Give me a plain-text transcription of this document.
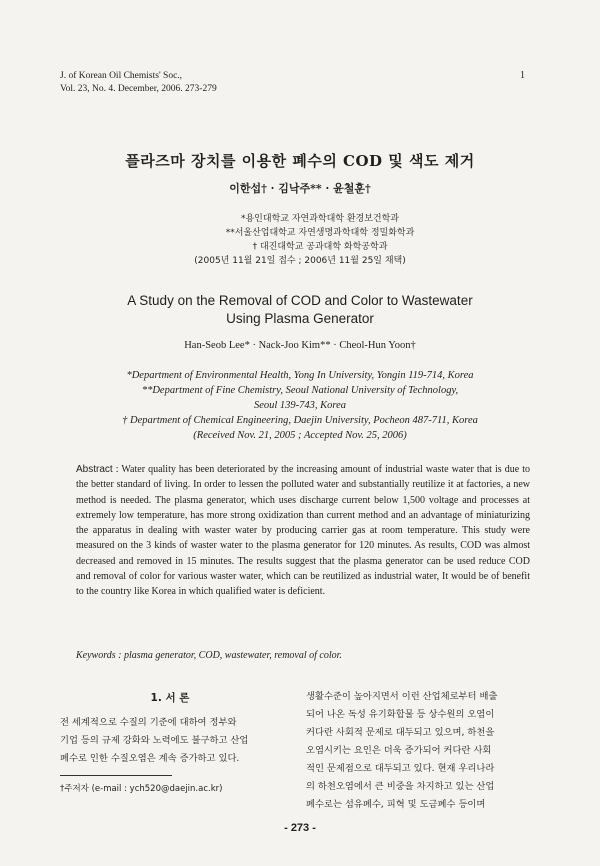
J. of Korean Oil Chemists' Soc.,
Vol. 23, No. 4. December, 2006. 273-279
1
플라즈마 장치를 이용한 폐수의 COD 및 색도 제거
이한섭† · 김낙주** · 윤철훈†
*용인대학교 자연과학대학 환경보건학과
**서울산업대학교 자연생명과학대학 정밀화학과
† 대진대학교 공과대학 화학공학과
(2005년 11월 21일 접수 ; 2006년 11월 25일 채택)
A Study on the Removal of COD and Color to Wastewater
Using Plasma Generator
Han-Seob Lee* · Nack-Joo Kim** · Cheol-Hun Yoon†
*Department of Environmental Health, Yong In University, Yongin 119-714, Korea
**Department of Fine Chemistry, Seoul National University of Technology,
Seoul 139-743, Korea
† Department of Chemical Engineering, Daejin University, Pocheon 487-711, Korea
(Received Nov. 21, 2005 ; Accepted Nov. 25, 2006)
Abstract : Water quality has been deteriorated by the increasing amount of industrial waste water that is due to the better standard of living. In order to lessen the polluted water and substantially reutilize it at factories, a new method is needed. The plasma generator, which uses discharge current below 1,500 voltage and processes at extremely low temperature, has more strong oxidization than current method and an advantage of miniaturizing the apparatus in dealing with waster water by producing carrier gas at room temperature. This study were measured on the 3 kinds of waster water to the plasma generator for 120 minutes. As results, COD was almost decreased and removed in 15 minutes. The results suggest that the plasma generator can be used reduce COD and removal of color for various waster water, which can be reutilized as industrial water, It would be of benefit to the country like Korea in which qualified water is deficient.
Keywords : plasma generator, COD, wastewater, removal of color.
1. 서 론
전 세계적으로 수질의 기준에 대하여 정부와
기업 등의 규제 강화와 노력에도 불구하고 산업
폐수로 인한 수질오염은 계속 증가하고 있다.
생활수준이 높아지면서 이런 산업체로부터 배출
되어 나온 독성 유기화합물 등 상수원의 오염이
커다란 사회적 문제로 대두되고 있으며, 하천을
오염시키는 요인은 더욱 증가되어 커다란 사회
적인 문제점으로 대두되고 있다. 현재 우리나라
의 하천오염에서 큰 비중을 차지하고 있는 산업
폐수로는 섬유폐수, 피혁 및 도금폐수 등이며
†주저자 (e-mail : ych520@daejin.ac.kr)
- 273 -
